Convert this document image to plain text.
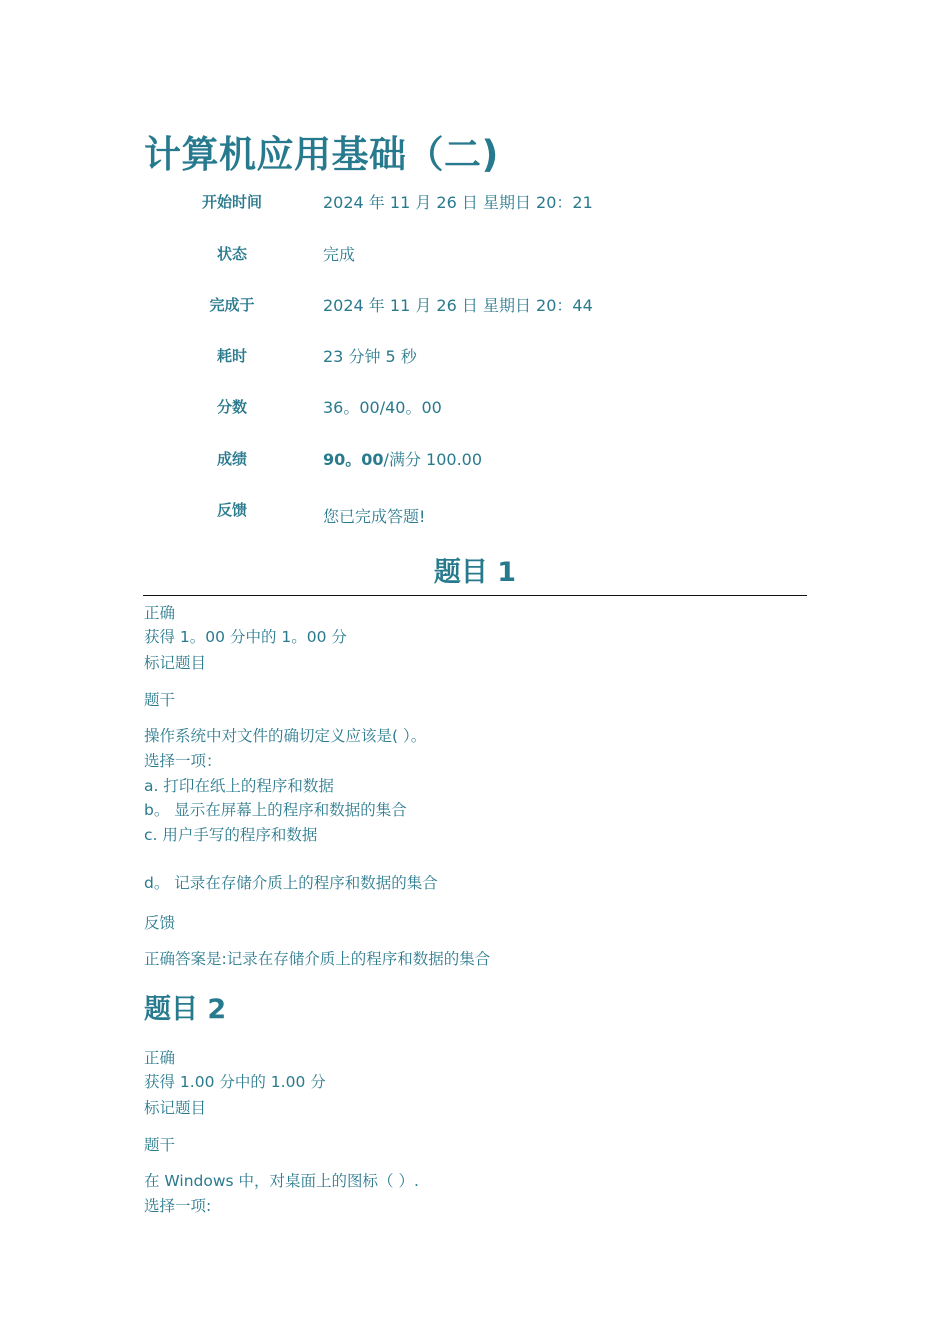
计算机应用基础（二)
开始时间	2024 年 11 月 26 日 星期日 20：21
状态	完成
完成于	2024 年 11 月 26 日 星期日 20：44
耗时	23 分钟 5 秒
分数	36。00/40。00
成绩	90。00/满分 100.00
反馈	您已完成答题!
题目 1
正确
获得 1。00 分中的 1。00 分
标记题目
题干
操作系统中对文件的确切定义应该是( ）。
选择一项：
a. 打印在纸上的程序和数据
b。 显示在屏幕上的程序和数据的集合
c. 用户手写的程序和数据
d。 记录在存储介质上的程序和数据的集合
反馈
正确答案是:记录在存储介质上的程序和数据的集合
题目 2
正确
获得 1.00 分中的 1.00 分
标记题目
题干
在 Windows 中，对桌面上的图标（ ）.
选择一项:
